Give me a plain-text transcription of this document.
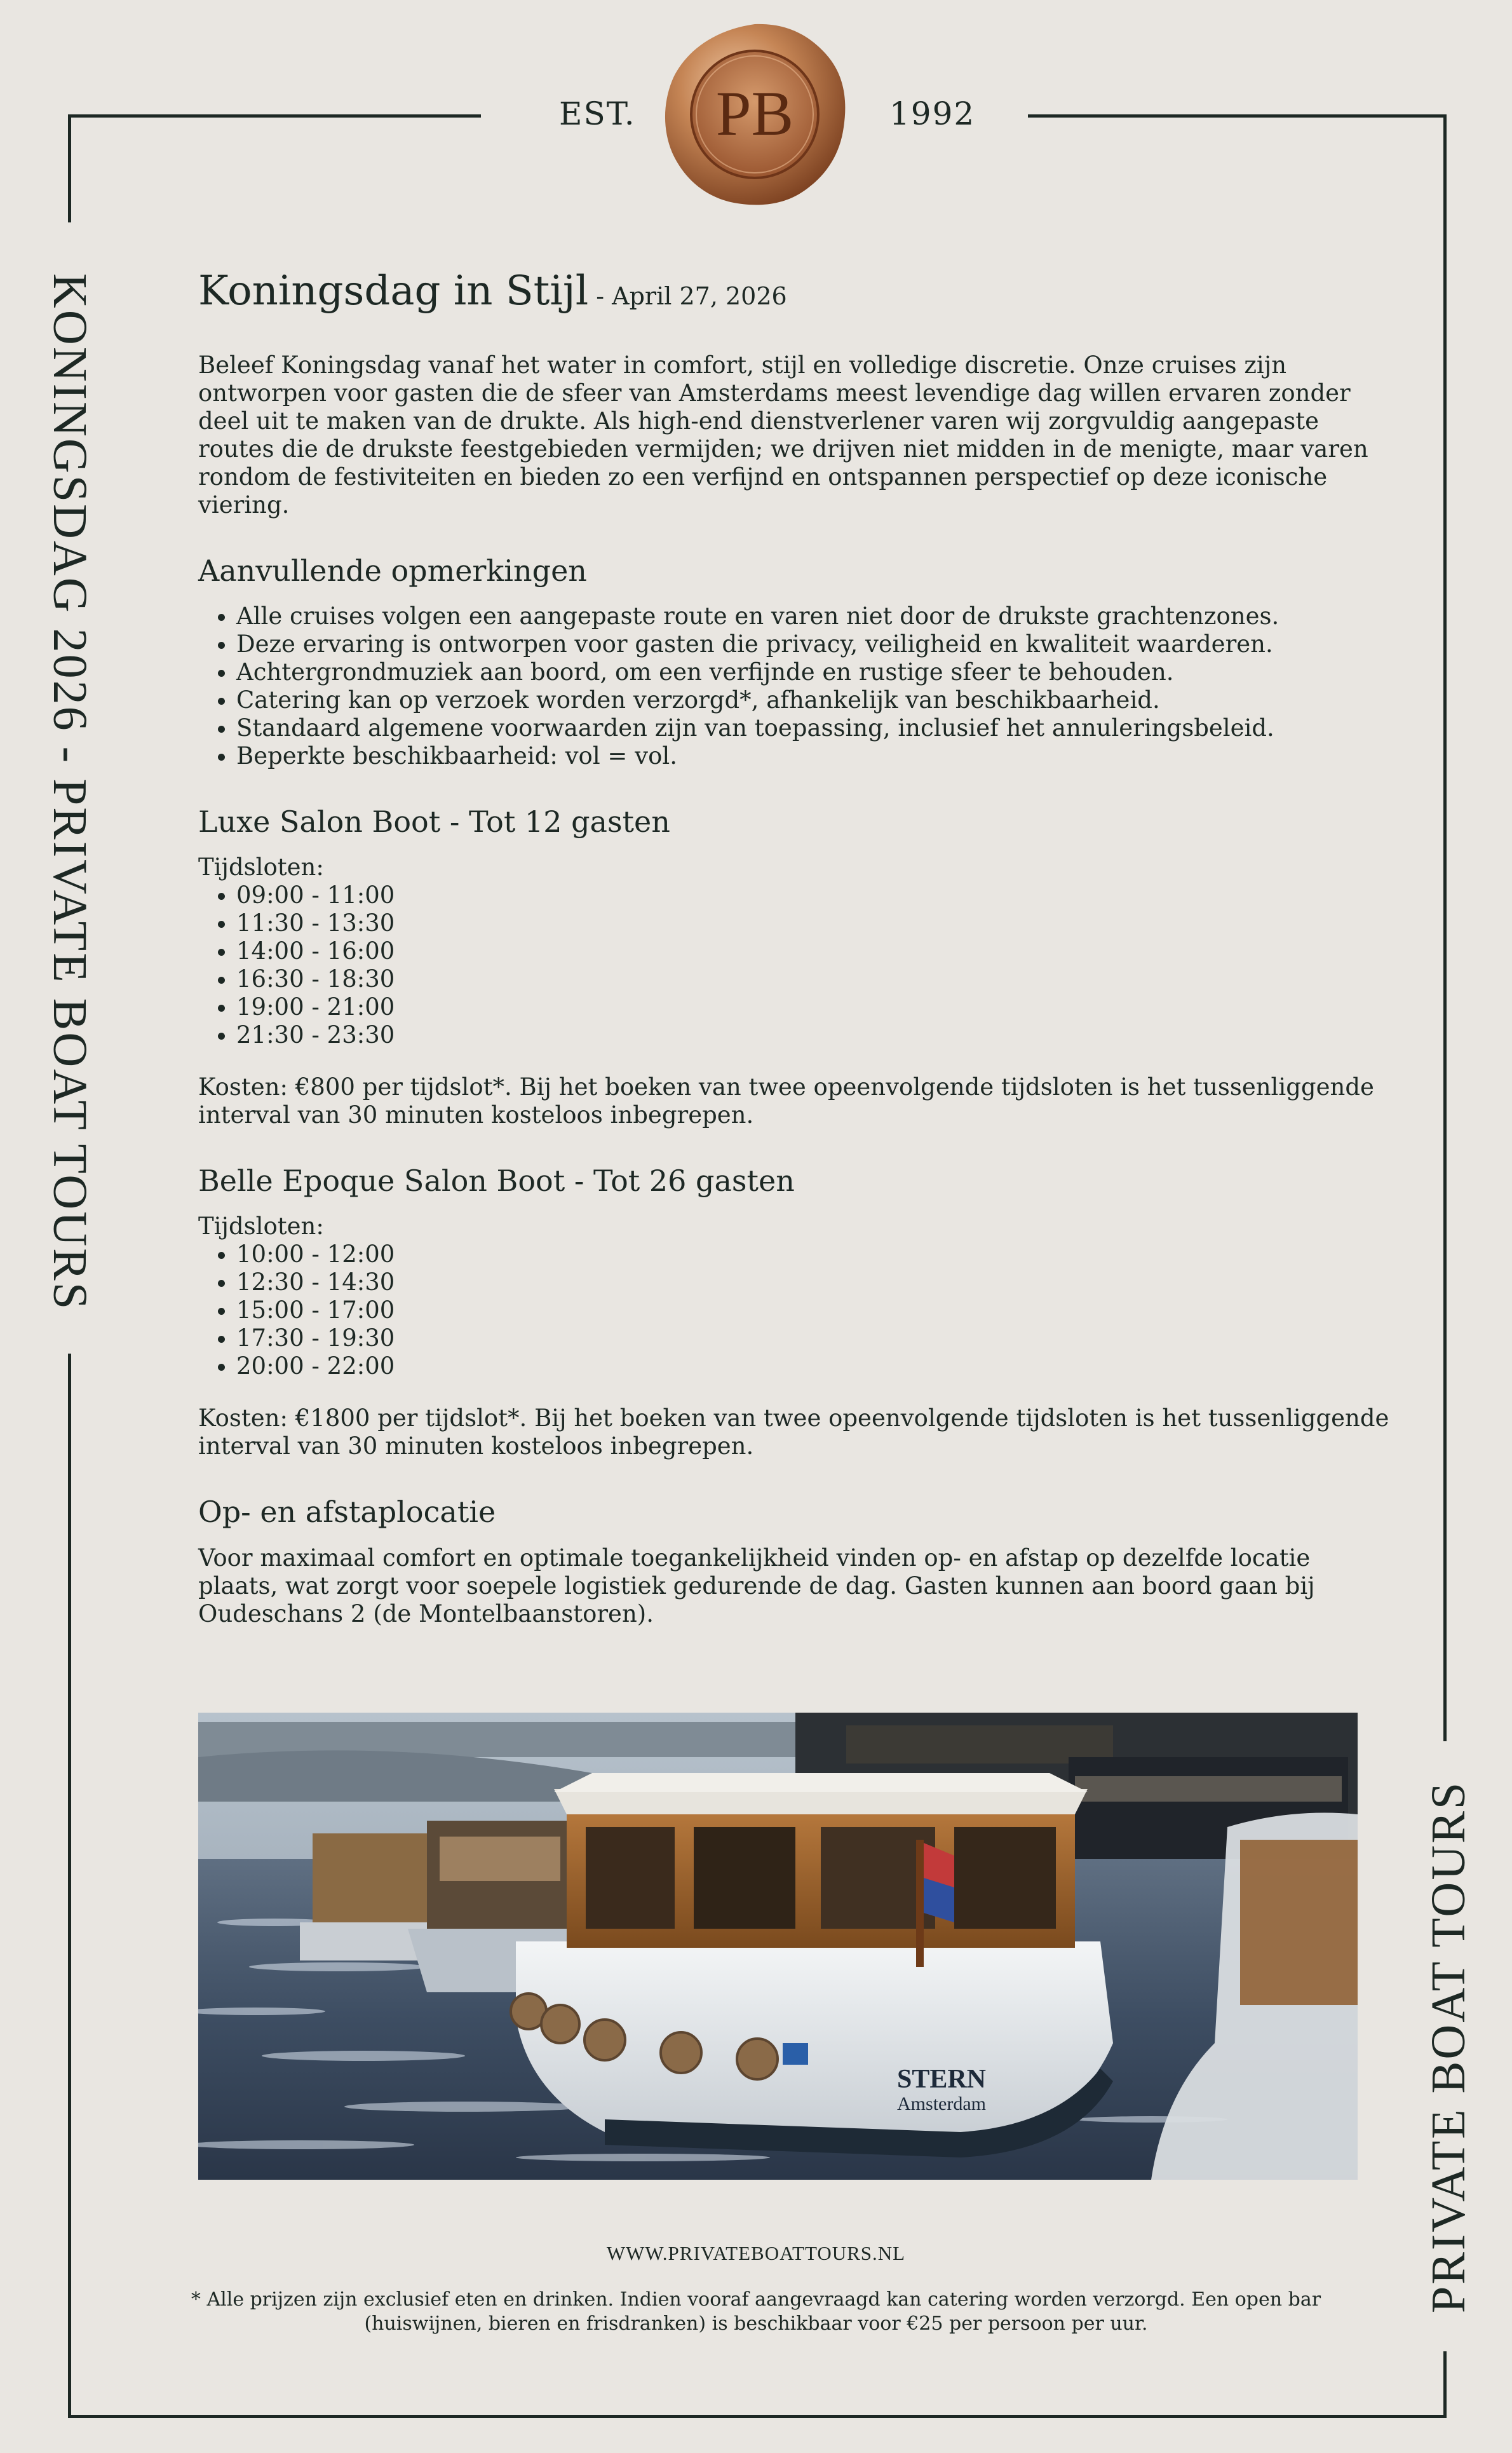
EST.	1992
PB
KONINGSDAG 2026 - PRIVATE BOAT TOURS
PRIVATE BOAT TOURS
Koningsdag in Stijl - April 27, 2026

Beleef Koningsdag vanaf het water in comfort, stijl en volledige discretie. Onze cruises zijn ontworpen voor gasten die de sfeer van Amsterdams meest levendige dag willen ervaren zonder deel uit te maken van de drukte. Als high-end dienstverlener varen wij zorgvuldig aangepaste routes die de drukste feestgebieden vermijden; we drijven niet midden in de menigte, maar varen rondom de festiviteiten en bieden zo een verfijnd en ontspannen perspectief op deze iconische viering.

Aanvullende opmerkingen
• Alle cruises volgen een aangepaste route en varen niet door de drukste grachtenzones.
• Deze ervaring is ontworpen voor gasten die privacy, veiligheid en kwaliteit waarderen.
• Achtergrondmuziek aan boord, om een verfijnde en rustige sfeer te behouden.
• Catering kan op verzoek worden verzorgd*, afhankelijk van beschikbaarheid.
• Standaard algemene voorwaarden zijn van toepassing, inclusief het annuleringsbeleid.
• Beperkte beschikbaarheid: vol = vol.
Luxe Salon Boot - Tot 12 gasten
Tijdsloten:
• 09:00 - 11:00
• 11:30 - 13:30
• 14:00 - 16:00
• 16:30 - 18:30
• 19:00 - 21:00
• 21:30 - 23:30

Kosten: €800 per tijdslot*. Bij het boeken van twee opeenvolgende tijdsloten is het tussenliggende interval van 30 minuten kosteloos inbegrepen.

Belle Epoque Salon Boot - Tot 26 gasten
Tijdsloten:
• 10:00 - 12:00
• 12:30 - 14:30
• 15:00 - 17:00
• 17:30 - 19:30
• 20:00 - 22:00

Kosten: €1800 per tijdslot*. Bij het boeken van twee opeenvolgende tijdsloten is het tussenliggende interval van 30 minuten kosteloos inbegrepen.

Op- en afstaplocatie

Voor maximaal comfort en optimale toegankelijkheid vinden op- en afstap op dezelfde locatie plaats, wat zorgt voor soepele logistiek gedurende de dag. Gasten kunnen aan boord gaan bij Oudeschans 2 (de Montelbaanstoren).

STERN
Amsterdam
WWW.PRIVATEBOATTOURS.NL
* Alle prijzen zijn exclusief eten en drinken. Indien vooraf aangevraagd kan catering worden verzorgd. Een open bar (huiswijnen, bieren en frisdranken) is beschikbaar voor €25 per persoon per uur.
